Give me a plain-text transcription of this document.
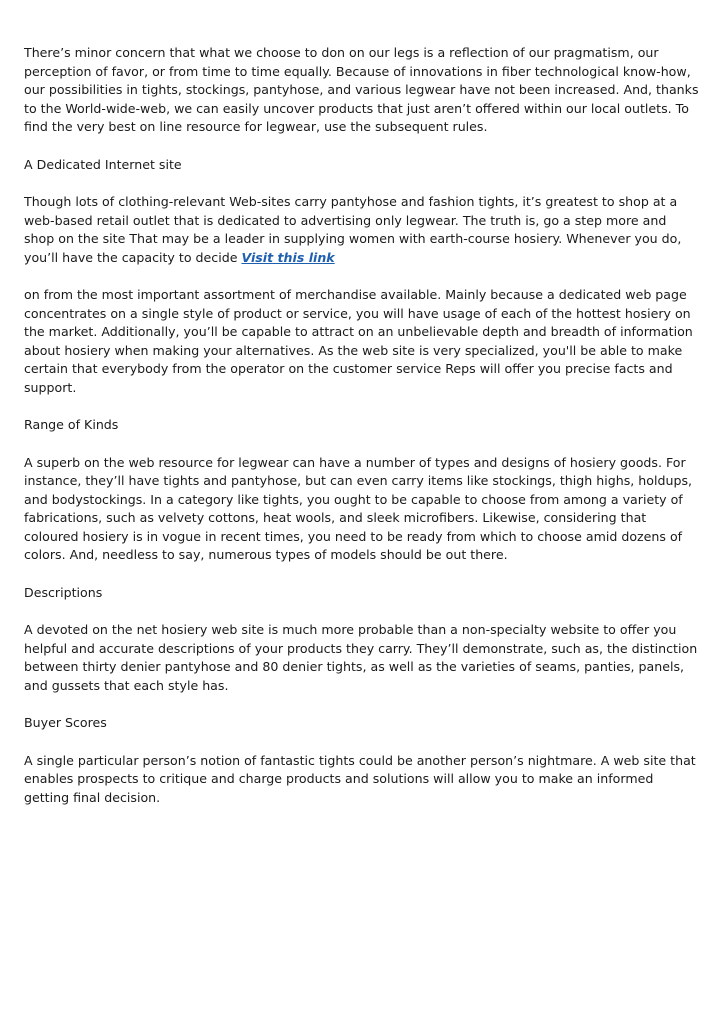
There’s minor concern that what we choose to don on our legs is a reflection of our pragmatism, our perception of favor, or from time to time equally. Because of innovations in fiber technological know-how, our possibilities in tights, stockings, pantyhose, and various legwear have not been increased. And, thanks to the World-wide-web, we can easily uncover products that just aren’t offered within our local outlets. To find the very best on line resource for legwear, use the subsequent rules.

A Dedicated Internet site

Though lots of clothing-relevant Web-sites carry pantyhose and fashion tights, it’s greatest to shop at a web-based retail outlet that is dedicated to advertising only legwear. The truth is, go a step more and shop on the site That may be a leader in supplying women with earth-course hosiery. Whenever you do, you’ll have the capacity to decide Visit this link

on from the most important assortment of merchandise available. Mainly because a dedicated web page concentrates on a single style of product or service, you will have usage of each of the hottest hosiery on the market. Additionally, you’ll be capable to attract on an unbelievable depth and breadth of information about hosiery when making your alternatives. As the web site is very specialized, you'll be able to make certain that everybody from the operator on the customer service Reps will offer you precise facts and support.

Range of Kinds

A superb on the web resource for legwear can have a number of types and designs of hosiery goods. For instance, they’ll have tights and pantyhose, but can even carry items like stockings, thigh highs, holdups, and bodystockings. In a category like tights, you ought to be capable to choose from among a variety of fabrications, such as velvety cottons, heat wools, and sleek microfibers. Likewise, considering that coloured hosiery is in vogue in recent times, you need to be ready from which to choose amid dozens of colors. And, needless to say, numerous types of models should be out there.

Descriptions

A devoted on the net hosiery web site is much more probable than a non-specialty website to offer you helpful and accurate descriptions of your products they carry. They’ll demonstrate, such as, the distinction between thirty denier pantyhose and 80 denier tights, as well as the varieties of seams, panties, panels, and gussets that each style has.

Buyer Scores

A single particular person’s notion of fantastic tights could be another person’s nightmare. A web site that enables prospects to critique and charge products and solutions will allow you to make an informed getting final decision.
